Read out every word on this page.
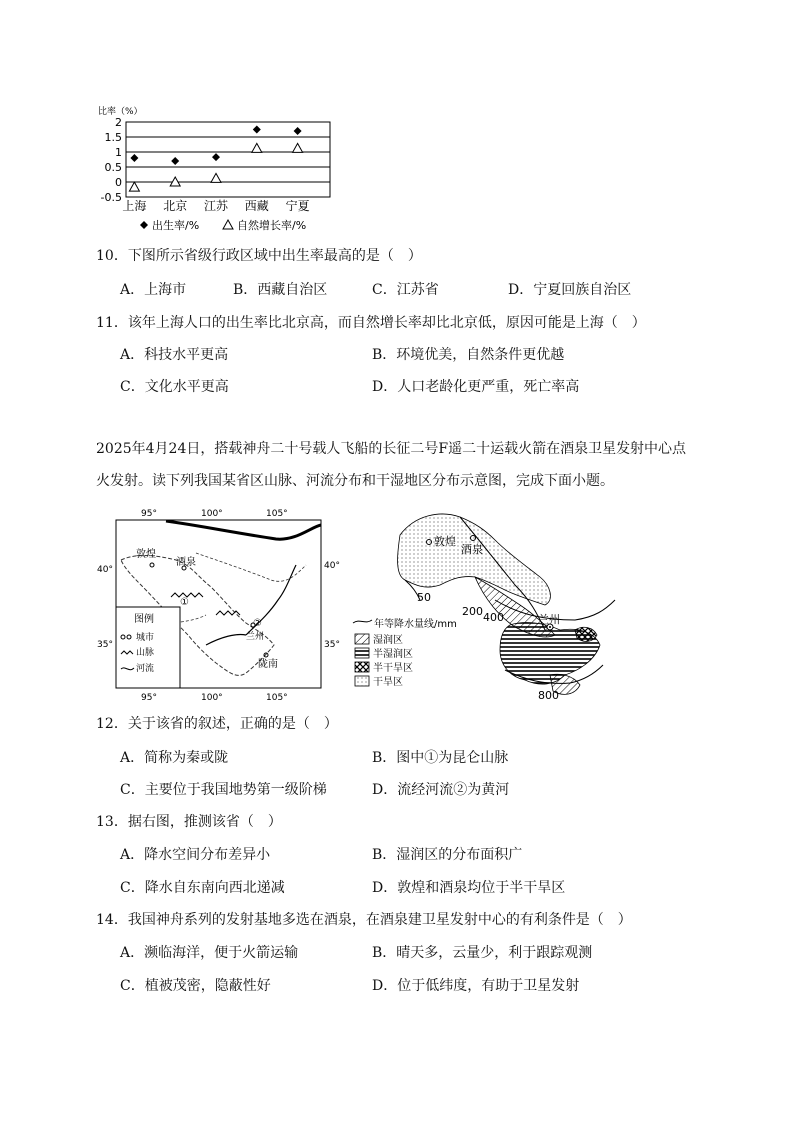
比率（%）
2
1.5
1
0.5
0
-0.5
上海 北京 江苏 西藏 宁夏
出生率/%	自然增长率/%
10．下图所示省级行政区域中出生率最高的是（　）
A．上海市	B．西藏自治区	C．江苏省	D．宁夏回族自治区
11．该年上海人口的出生率比北京高，而自然增长率却比北京低，原因可能是上海（　）
A．科技水平更高	B．环境优美，自然条件更优越
C．文化水平更高	D．人口老龄化更严重，死亡率高
2025年4月24日，搭载神舟二十号载人飞船的长征二号F遥二十运载火箭在酒泉卫星发射中心点
火发射。读下列我国某省区山脉、河流分布和干湿地区分布示意图，完成下面小题。
95°	100°	105°
95°	100°	105°
40°
35°
40°
35°
敦煌
酒泉
兰州
陇南
①
②
图例
城市
山脉
河流
50
200 400
800
敦煌
酒泉
兰州
年等降水量线/mm
湿润区
半湿润区
半干旱区
干旱区
12．关于该省的叙述，正确的是（　）
A．简称为秦或陇	B．图中①为昆仑山脉
C．主要位于我国地势第一级阶梯	D．流经河流②为黄河
13．据右图，推测该省（　）
A．降水空间分布差异小	B．湿润区的分布面积广
C．降水自东南向西北递减	D．敦煌和酒泉均位于半干旱区
14．我国神舟系列的发射基地多选在酒泉，在酒泉建卫星发射中心的有利条件是（　）
A．濒临海洋，便于火箭运输	B．晴天多，云量少，利于跟踪观测
C．植被茂密，隐蔽性好	D．位于低纬度，有助于卫星发射
